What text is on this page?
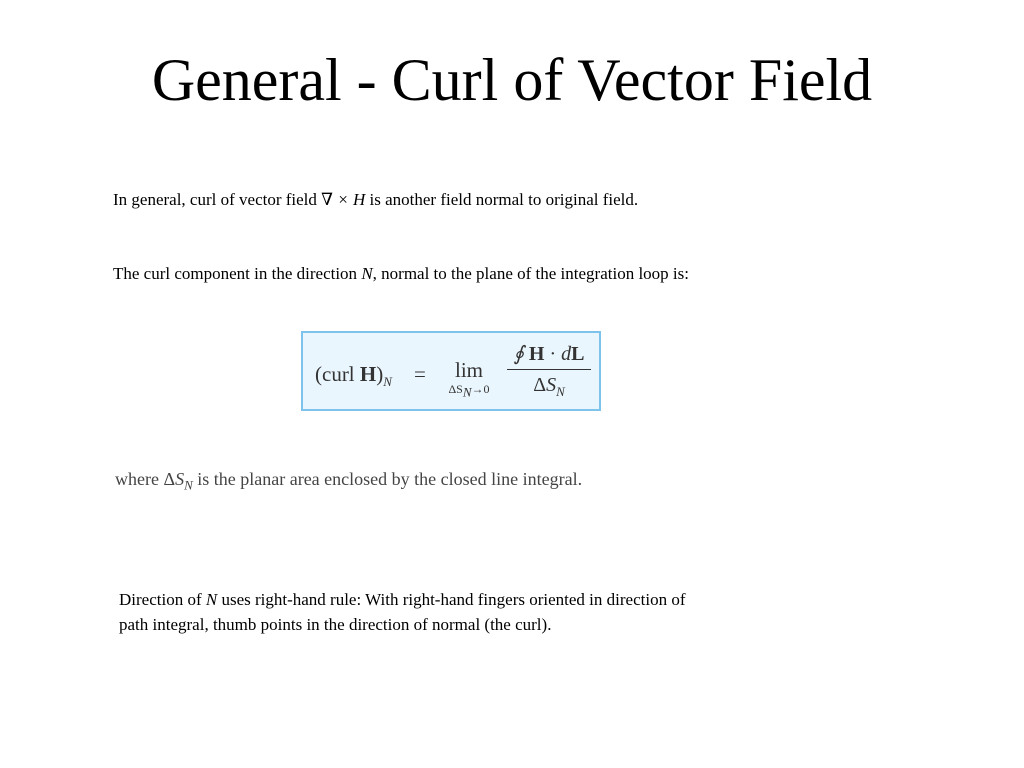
General - Curl of Vector Field
In general, curl of vector field ∇ × H is another field normal to original field.
The curl component in the direction N, normal to the plane of the integration loop is:
(curl $H)_N$ =	lim
$\Delta S_N\to 0$
∮ H · dL
$\Delta S_N$
where $\Delta S_N$ is the planar area enclosed by the closed line integral.
Direction of N uses right-hand rule: With right-hand fingers oriented in direction of
path integral, thumb points in the direction of normal (the curl).
